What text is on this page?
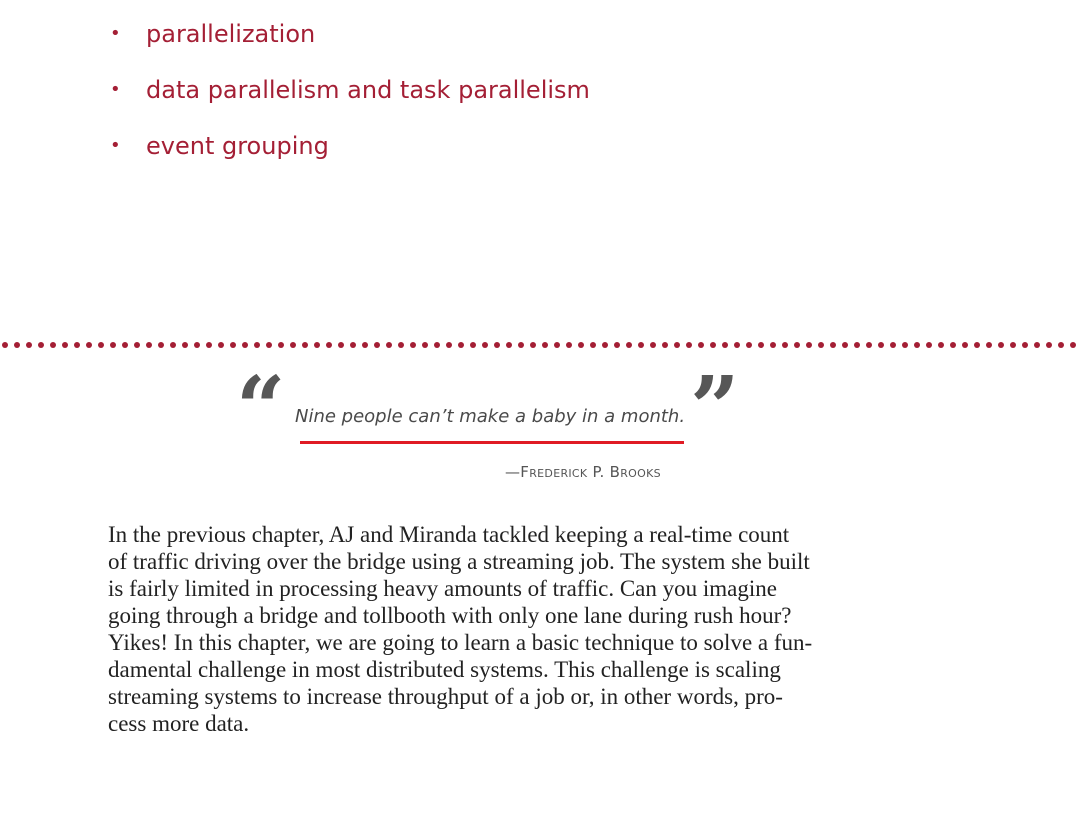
•	parallelization
•	data parallelism and task parallelism
•	event grouping
“ Nine people can’t make a baby in a month. ”
—Frederick P. Brooks
In the previous chapter, AJ and Miranda tackled keeping a real-time count
of traffic driving over the bridge using a streaming job. The system she built
is fairly limited in processing heavy amounts of traffic. Can you imagine
going through a bridge and tollbooth with only one lane during rush hour?
Yikes! In this chapter, we are going to learn a basic technique to solve a fun-
damental challenge in most distributed systems. This challenge is scaling
streaming systems to increase throughput of a job or, in other words, pro-
cess more data.
